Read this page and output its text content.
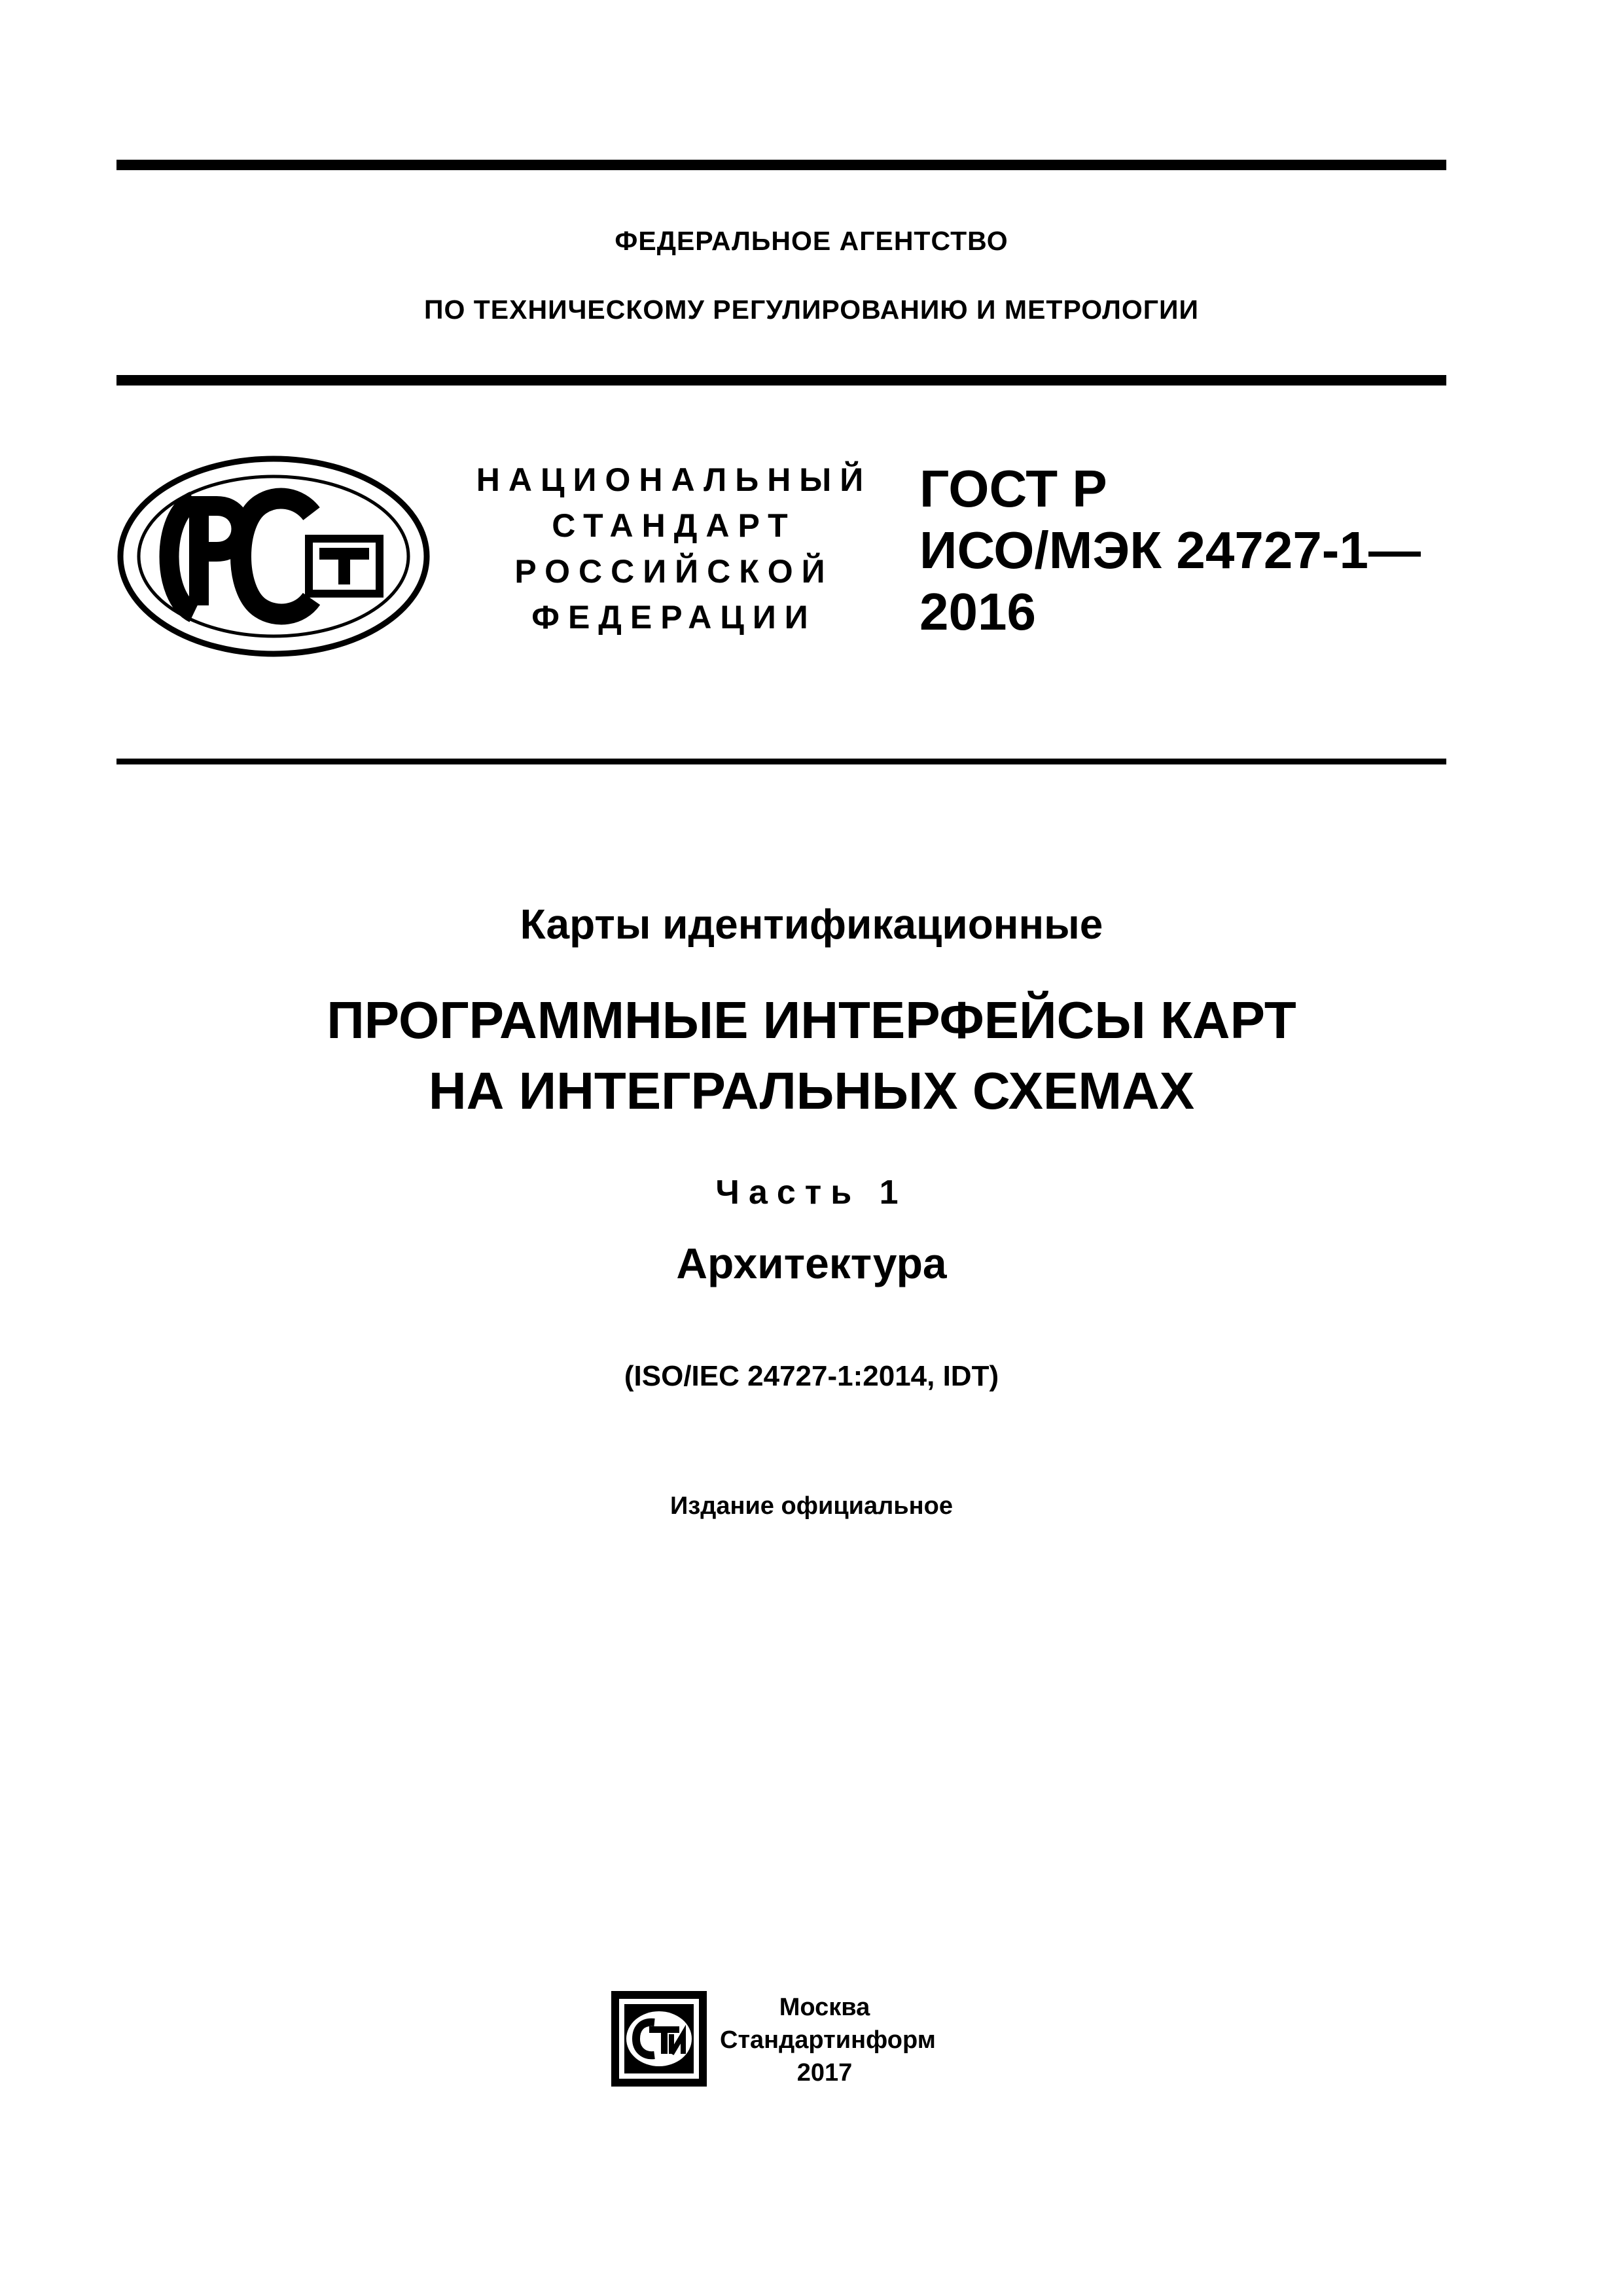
ФЕДЕРАЛЬНОЕ АГЕНТСТВО
ПО ТЕХНИЧЕСКОМУ РЕГУЛИРОВАНИЮ И МЕТРОЛОГИИ
НАЦИОНАЛЬНЫЙ
СТАНДАРТ
РОССИЙСКОЙ
ФЕДЕРАЦИИ
ГОСТ Р
ИСО/МЭК 24727-1—
2016
Карты идентификационные
ПРОГРАММНЫЕ ИНТЕРФЕЙСЫ КАРТ
НА ИНТЕГРАЛЬНЫХ СХЕМАХ
Часть 1
Архитектура
(ISO/IEC 24727-1:2014, IDT)
Издание официальное
Москва
Стандартинформ
2017
